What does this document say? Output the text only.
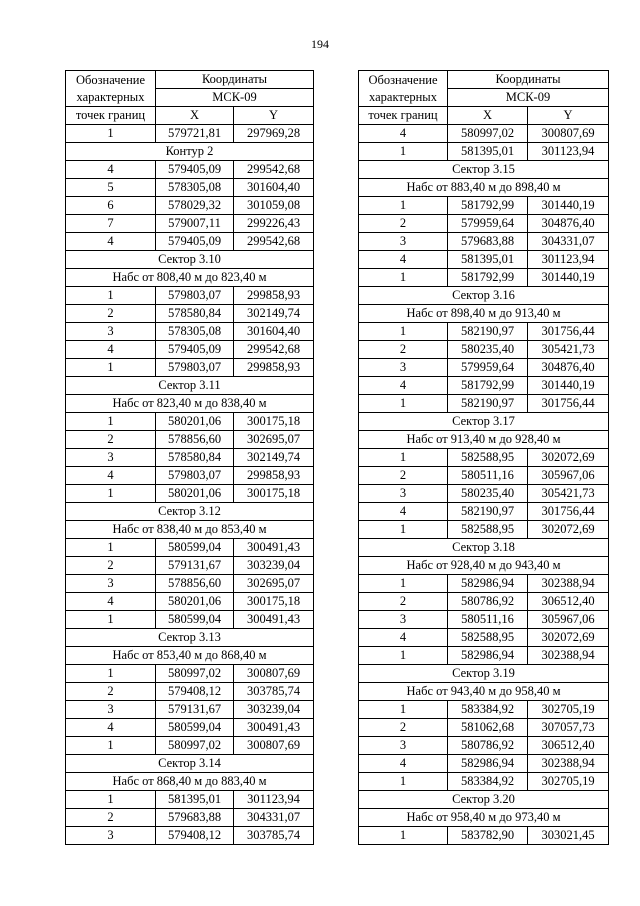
194
Обозначение
характерных	Координаты	

	МСК-09	
точек границ	X	Y
1	579721,81	297969,28
Контур 2		
4	579405,09	299542,68
5	578305,08	301604,40
6	578029,32	301059,08
7	579007,11	299226,43
4	579405,09	299542,68
Сектор 3.10		
Набс от 808,40 м до 823,40 м		
1	579803,07	299858,93
2	578580,84	302149,74
3	578305,08	301604,40
4	579405,09	299542,68
1	579803,07	299858,93
Сектор 3.11		
Набс от 823,40 м до 838,40 м		
1	580201,06	300175,18
2	578856,60	302695,07
3	578580,84	302149,74
4	579803,07	299858,93
1	580201,06	300175,18
Сектор 3.12		
Набс от 838,40 м до 853,40 м		
1	580599,04	300491,43
2	579131,67	303239,04
3	578856,60	302695,07
4	580201,06	300175,18
1	580599,04	300491,43
Сектор 3.13		
Набс от 853,40 м до 868,40 м		
1	580997,02	300807,69
2	579408,12	303785,74
3	579131,67	303239,04
4	580599,04	300491,43
1	580997,02	300807,69
Сектор 3.14		
Набс от 868,40 м до 883,40 м		
1	581395,01	301123,94
2	579683,88	304331,07
3	579408,12	303785,74
Обозначение
характерных	Координаты	

	МСК-09	
точек границ	X	Y
4	580997,02	300807,69
1	581395,01	301123,94
Сектор 3.15		
Набс от 883,40 м до 898,40 м		
1	581792,99	301440,19
2	579959,64	304876,40
3	579683,88	304331,07
4	581395,01	301123,94
1	581792,99	301440,19
Сектор 3.16		
Набс от 898,40 м до 913,40 м		
1	582190,97	301756,44
2	580235,40	305421,73
3	579959,64	304876,40
4	581792,99	301440,19
1	582190,97	301756,44
Сектор 3.17		
Набс от 913,40 м до 928,40 м		
1	582588,95	302072,69
2	580511,16	305967,06
3	580235,40	305421,73
4	582190,97	301756,44
1	582588,95	302072,69
Сектор 3.18		
Набс от 928,40 м до 943,40 м		
1	582986,94	302388,94
2	580786,92	306512,40
3	580511,16	305967,06
4	582588,95	302072,69
1	582986,94	302388,94
Сектор 3.19		
Набс от 943,40 м до 958,40 м		
1	583384,92	302705,19
2	581062,68	307057,73
3	580786,92	306512,40
4	582986,94	302388,94
1	583384,92	302705,19
Сектор 3.20		
Набс от 958,40 м до 973,40 м		
1	583782,90	303021,45
